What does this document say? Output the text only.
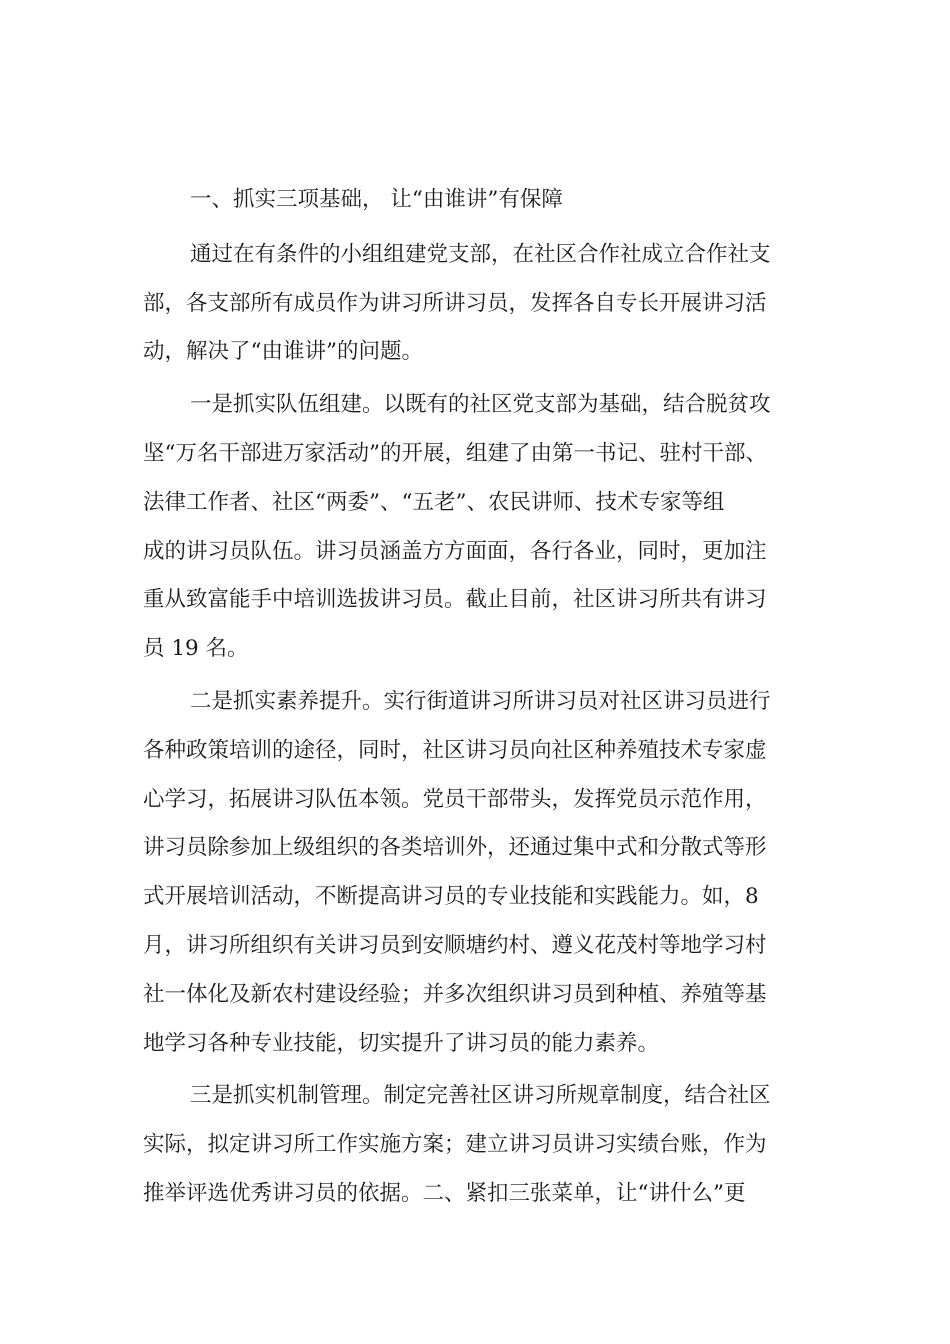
一、抓实三项基础， 让“由谁讲”有保障
通过在有条件的小组组建党支部，在社区合作社成立合作社支
部，各支部所有成员作为讲习所讲习员，发挥各自专长开展讲习活
动，解决了“由谁讲”的问题。
一是抓实队伍组建。以既有的社区党支部为基础，结合脱贫攻
坚“万名干部进万家活动”的开展，组建了由第一书记、驻村干部、
法律工作者、社区“两委”、“五老”、农民讲师、技术专家等组
成的讲习员队伍。讲习员涵盖方方面面，各行各业，同时，更加注
重从致富能手中培训选拔讲习员。截止目前，社区讲习所共有讲习
员 19 名。
二是抓实素养提升。实行街道讲习所讲习员对社区讲习员进行
各种政策培训的途径，同时，社区讲习员向社区种养殖技术专家虚
心学习，拓展讲习队伍本领。党员干部带头，发挥党员示范作用，
讲习员除参加上级组织的各类培训外，还通过集中式和分散式等形
式开展培训活动，不断提高讲习员的专业技能和实践能力。如，8
月，讲习所组织有关讲习员到安顺塘约村、遵义花茂村等地学习村
社一体化及新农村建设经验；并多次组织讲习员到种植、养殖等基
地学习各种专业技能，切实提升了讲习员的能力素养。
三是抓实机制管理。制定完善社区讲习所规章制度，结合社区
实际，拟定讲习所工作实施方案；建立讲习员讲习实绩台账，作为
推举评选优秀讲习员的依据。二、紧扣三张菜单，让“讲什么”更
